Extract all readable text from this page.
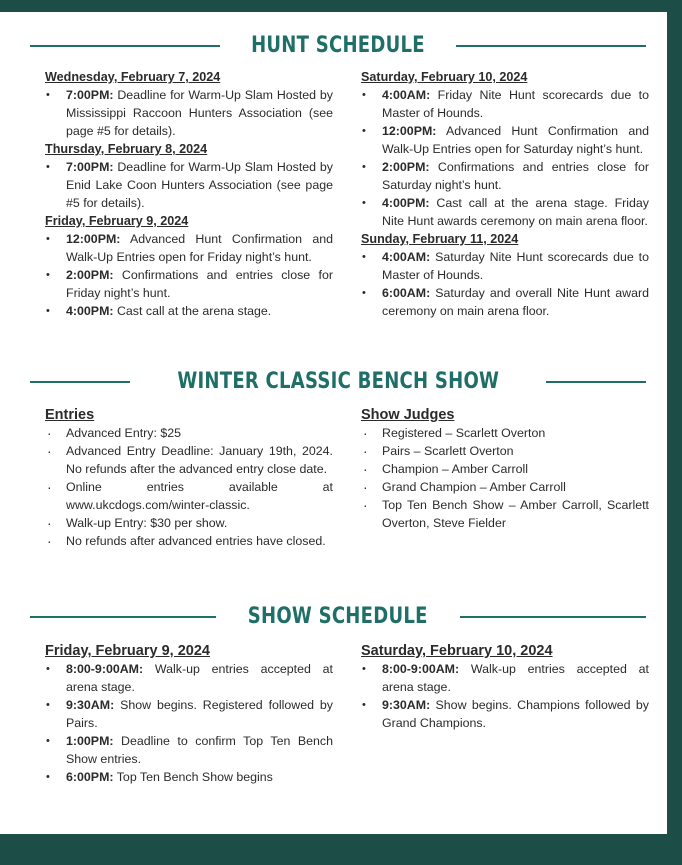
HUNT SCHEDULE

Wednesday, February 7, 2024

• 7:00PM: Deadline for Warm-Up Slam Hosted by Mississippi Raccoon Hunters Association (see page #5 for details).

Thursday, February 8, 2024

• 7:00PM: Deadline for Warm-Up Slam Hosted by Enid Lake Coon Hunters Association (see page #5 for details).

Friday, February 9, 2024

• 12:00PM: Advanced Hunt Confirmation and Walk-Up Entries open for Friday night’s hunt.
• 2:00PM: Confirmations and entries close for Friday night’s hunt.
• 4:00PM: Cast call at the arena stage.

Saturday, February 10, 2024

• 4:00AM: Friday Nite Hunt scorecards due to Master of Hounds.
• 12:00PM: Advanced Hunt Confirmation and Walk-Up Entries open for Saturday night’s hunt.
• 2:00PM: Confirmations and entries close for Saturday night’s hunt.
• 4:00PM: Cast call at the arena stage. Friday Nite Hunt awards ceremony on main arena floor.

Sunday, February 11, 2024

• 4:00AM: Saturday Nite Hunt scorecards due to Master of Hounds.
• 6:00AM: Saturday and overall Nite Hunt award ceremony on main arena floor.
WINTER CLASSIC BENCH SHOW

Entries

· Advanced Entry: $25
· Advanced Entry Deadline: January 19th, 2024. No refunds after the advanced entry close date.
· Online entries available at www.ukcdogs.com/winter-classic.
· Walk-up Entry: $30 per show.
· No refunds after advanced entries have closed.

Show Judges

· Registered – Scarlett Overton
· Pairs – Scarlett Overton
· Champion – Amber Carroll
· Grand Champion – Amber Carroll
· Top Ten Bench Show – Amber Carroll, Scarlett Overton, Steve Fielder
SHOW SCHEDULE

Friday, February 9, 2024

• 8:00-9:00AM: Walk-up entries accepted at arena stage.
• 9:30AM: Show begins. Registered followed by Pairs.
• 1:00PM: Deadline to confirm Top Ten Bench Show entries.
• 6:00PM: Top Ten Bench Show begins

Saturday, February 10, 2024

• 8:00-9:00AM: Walk-up entries accepted at arena stage.
• 9:30AM: Show begins. Champions followed by Grand Champions.
